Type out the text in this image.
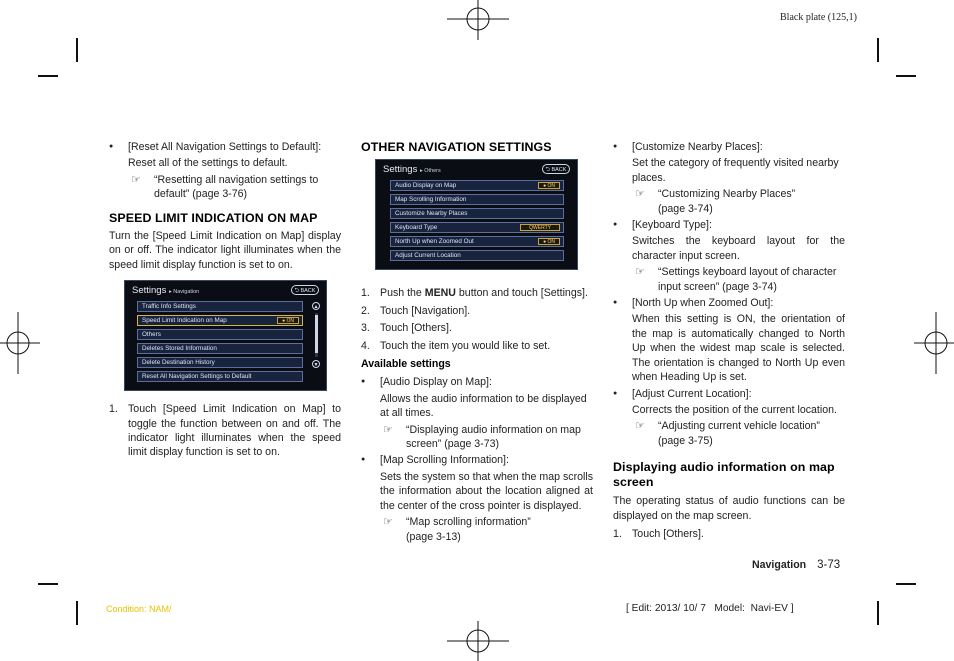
Black plate (125,1)
● [Reset All Navigation Settings to Default]:
Reset all of the settings to default.
☞ “Resetting all navigation settings to
default” (page 3-76)
SPEED LIMIT INDICATION ON MAP

Turn the [Speed Limit Indication on Map] display on or off. The indicator light illuminates when the speed limit display function is set to on.

Settings ▸ Navigation	⮌ BACK
Traffic Info Settings
Speed Limit Indication on Map	● ON
Others
Deletes Stored Information
Delete Destination History
Reset All Navigation Settings to Default
▲
▼
1. Touch [Speed Limit Indication on Map] to toggle the function between on and off. The indicator light illuminates when the speed limit display function is set to on.
OTHER NAVIGATION SETTINGS
Settings ▸ Others	⮌ BACK
Audio Display on Map	● ON
Map Scrolling Information
Customize Nearby Places
Keyboard Type	QWERTY
North Up when Zoomed Out	● ON
Adjust Current Location
1. Push the MENU button and touch [Settings].
2. Touch [Navigation].
3. Touch [Others].
4. Touch the item you would like to set.
Available settings
● [Audio Display on Map]:
Allows the audio information to be displayed at all times.
☞ “Displaying audio information on map
screen” (page 3-73)
● [Map Scrolling Information]:
Sets the system so that when the map scrolls the information about the location aligned at the center of the cross pointer is displayed.
☞ “Map scrolling information”
(page 3-13)
● [Customize Nearby Places]:
Set the category of frequently visited nearby places.
☞ “Customizing Nearby Places”
(page 3-74)
● [Keyboard Type]:
Switches the keyboard layout for the character input screen.
☞ “Settings keyboard layout of character
input screen” (page 3-74)
● [North Up when Zoomed Out]:
When this setting is ON, the orientation of the map is automatically changed to North Up when the widest map scale is selected. The orientation is changed to North Up even when Heading Up is set.
● [Adjust Current Location]:
Corrects the position of the current location.
☞ “Adjusting current vehicle location”
(page 3-75)
Displaying audio information on map screen

The operating status of audio functions can be displayed on the map screen.

1. Touch [Others].
Navigation 3-73
Condition: NAM/	[ Edit: 2013/ 10/ 7   Model:  Navi-EV ]
